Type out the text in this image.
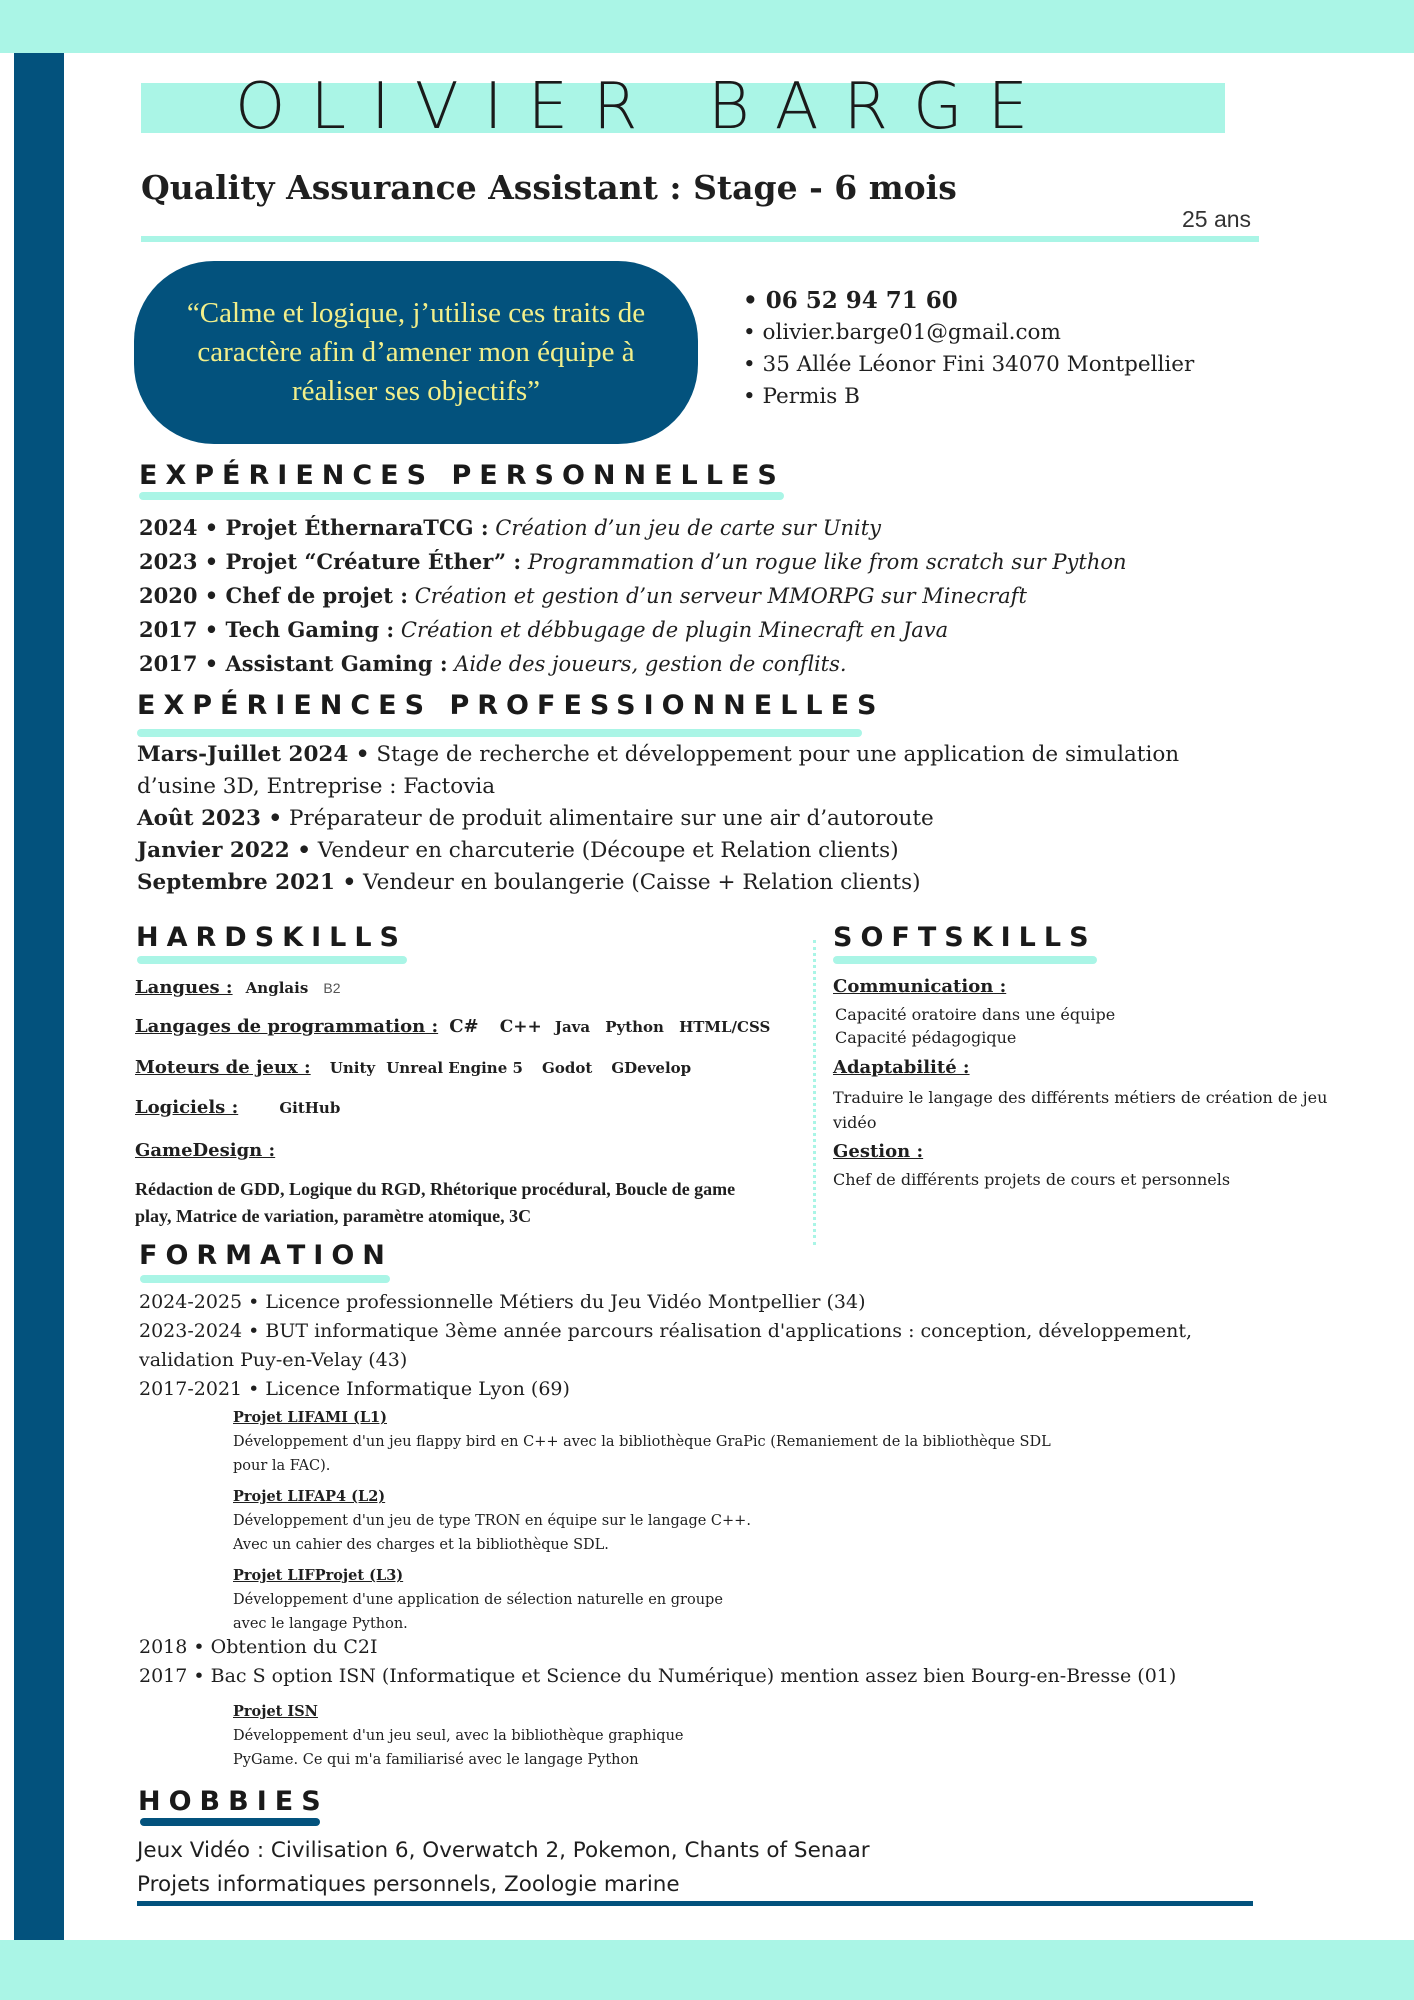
OLIVIER BARGE
Quality Assurance Assistant : Stage - 6 mois
25 ans
“Calme et logique, j’utilise ces traits de caractère afin d’amener mon équipe à réaliser ses objectifs”
• 06 52 94 71 60
• olivier.barge01@gmail.com
• 35 Allée Léonor Fini 34070 Montpellier
• Permis B
EXPÉRIENCES PERSONNELLES
2024 • Projet ÉthernaraTCG : Création d’un jeu de carte sur Unity
2023 • Projet “Créature Éther” : Programmation d’un rogue like from scratch sur Python
2020 • Chef de projet : Création et gestion d’un serveur MMORPG sur Minecraft
2017 • Tech Gaming : Création et débbugage de plugin Minecraft en Java
2017 • Assistant Gaming : Aide des joueurs, gestion de conflits.
EXPÉRIENCES PROFESSIONNELLES
Mars-Juillet 2024 • Stage de recherche et développement pour une application de simulation
d’usine 3D, Entreprise : Factovia
Août 2023 • Préparateur de produit alimentaire sur une air d’autoroute
Janvier 2022 • Vendeur en charcuterie (Découpe et Relation clients)
Septembre 2021 • Vendeur en boulangerie (Caisse + Relation clients)
HARDSKILLS
Langues : Anglais B2
Langages de programmation : C# C++ Java Python HTML/CSS
Moteurs de jeux : Unity Unreal Engine 5 Godot GDevelop
Logiciels :	GitHub
GameDesign :
Rédaction de GDD, Logique du RGD, Rhétorique procédural, Boucle de game play, Matrice de variation, paramètre atomique, 3C
SOFTSKILLS
Communication :
Capacité oratoire dans une équipe
Capacité pédagogique
Adaptabilité :
Traduire le langage des différents métiers de création de jeu vidéo
Gestion :
Chef de différents projets de cours et personnels
FORMATION
2024-2025 • Licence professionnelle Métiers du Jeu Vidéo Montpellier (34)
2023-2024 • BUT informatique 3ème année parcours réalisation d'applications : conception, développement,
validation Puy-en-Velay (43)
2017-2021 • Licence Informatique Lyon (69)
Projet LIFAMI (L1)
Développement d'un jeu flappy bird en C++ avec la bibliothèque GraPic (Remaniement de la bibliothèque SDL
pour la FAC).
Projet LIFAP4 (L2)
Développement d'un jeu de type TRON en équipe sur le langage C++.
Avec un cahier des charges et la bibliothèque SDL.
Projet LIFProjet (L3)
Développement d'une application de sélection naturelle en groupe
avec le langage Python.
2018 • Obtention du C2I
2017 • Bac S option ISN (Informatique et Science du Numérique) mention assez bien Bourg-en-Bresse (01)
Projet ISN
Développement d'un jeu seul, avec la bibliothèque graphique
PyGame. Ce qui m'a familiarisé avec le langage Python
HOBBIES
Jeux Vidéo : Civilisation 6, Overwatch 2, Pokemon, Chants of Senaar
Projets informatiques personnels, Zoologie marine
